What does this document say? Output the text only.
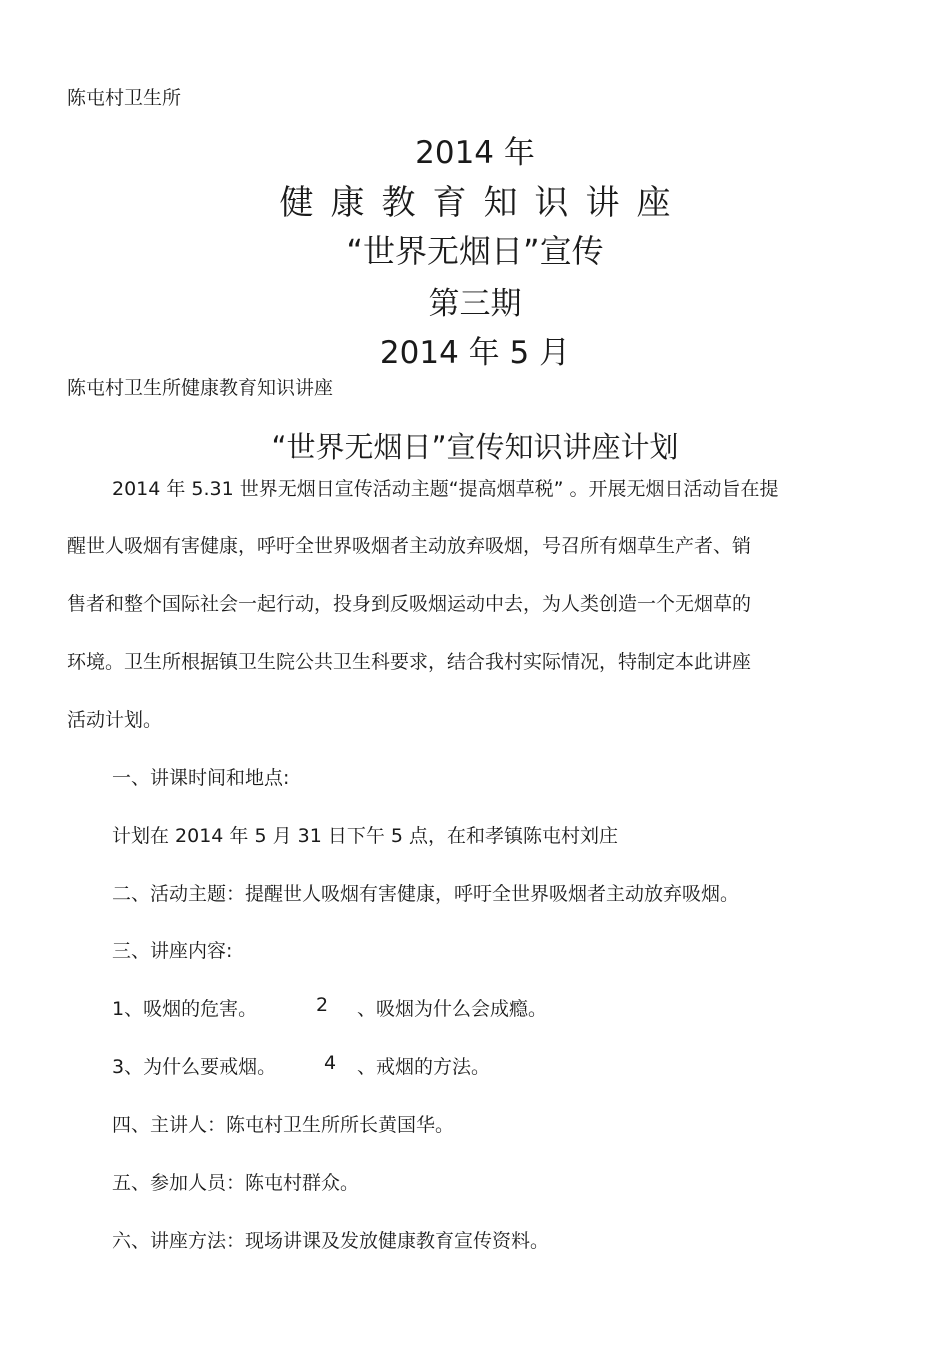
陈屯村卫生所
2014 年
健康教育知识讲座
“世界无烟日”宣传
第三期
2014 年 5 月
陈屯村卫生所健康教育知识讲座
“世界无烟日”宣传知识讲座计划
2014 年 5.31 世界无烟日宣传活动主题“提高烟草税” 。开展无烟日活动旨在提
醒世人吸烟有害健康，呼吁全世界吸烟者主动放弃吸烟，号召所有烟草生产者、销
售者和整个国际社会一起行动，投身到反吸烟运动中去，为人类创造一个无烟草的
环境。卫生所根据镇卫生院公共卫生科要求，结合我村实际情况，特制定本此讲座
活动计划。
一、讲课时间和地点:
计划在 2014 年 5 月 31 日下午 5 点，在和孝镇陈屯村刘庄
二、活动主题：提醒世人吸烟有害健康，呼吁全世界吸烟者主动放弃吸烟。
三、讲座内容:
1、吸烟的危害。	2 、吸烟为什么会成瘾。
3、为什么要戒烟。	4 、戒烟的方法。
四、主讲人：陈屯村卫生所所长黄国华。
五、参加人员：陈屯村群众。
六、讲座方法：现场讲课及发放健康教育宣传资料。
